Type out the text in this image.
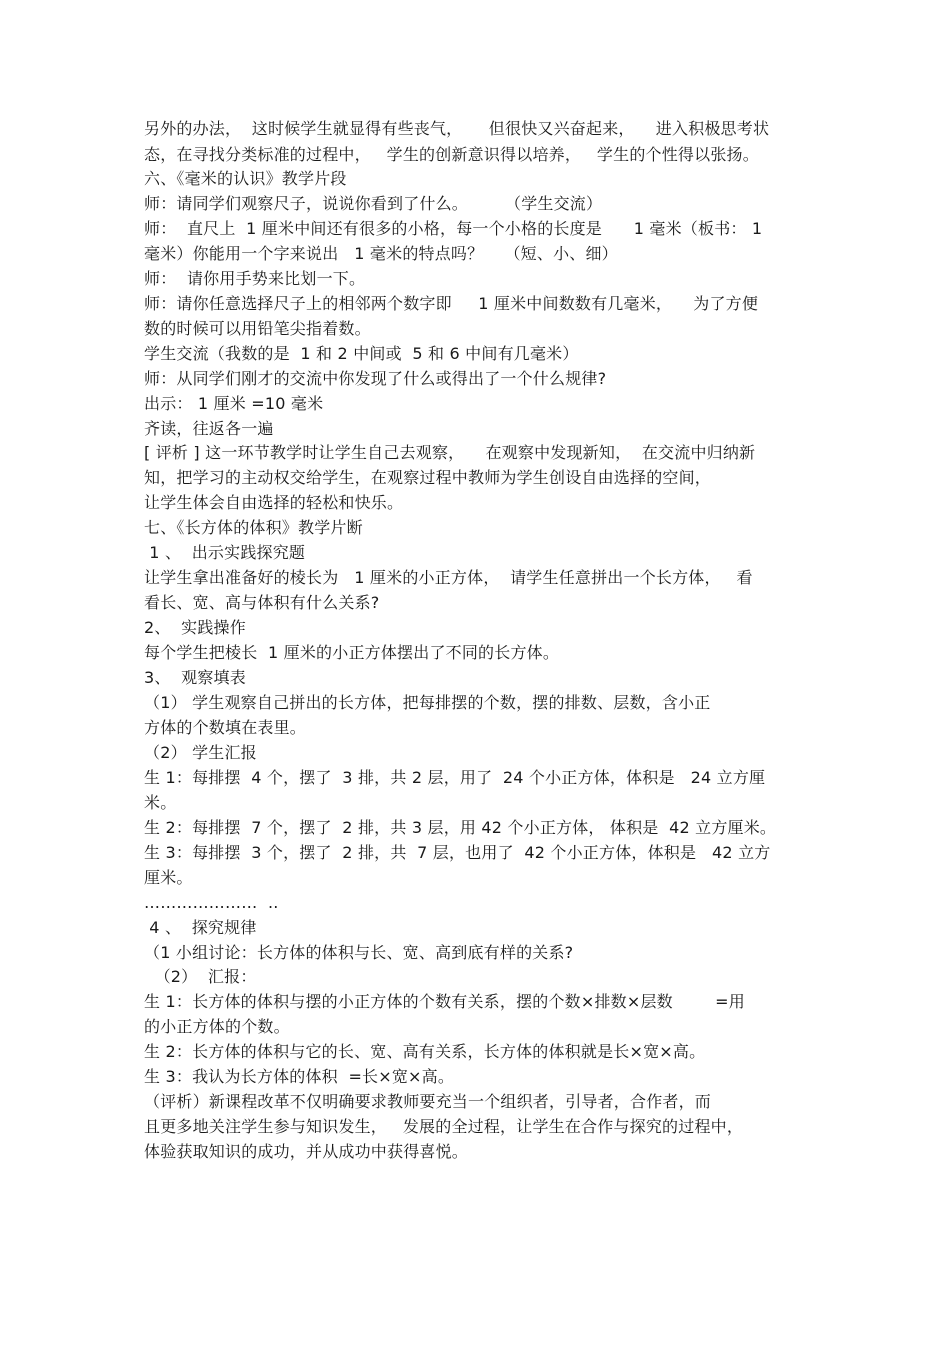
另外的办法，  这时候学生就显得有些丧气，     但很快又兴奋起来，    进入积极思考状
态，在寻找分类标准的过程中，   学生的创新意识得以培养，   学生的个性得以张扬。
六、《毫米的认识》教学片段
师：请同学们观察尺子，说说你看到了什么。       （学生交流）
师：  直尺上  1 厘米中间还有很多的小格，每一个小格的长度是      1 毫米（板书： 1
毫米）你能用一个字来说出   1 毫米的特点吗？    （短、小、细）
师：  请你用手势来比划一下。
师：请你任意选择尺子上的相邻两个数字即     1 厘米中间数数有几毫米，    为了方便
数的时候可以用铅笔尖指着数。
学生交流（我数的是  1 和 2 中间或  5 和 6 中间有几毫米）
师：从同学们刚才的交流中你发现了什么或得出了一个什么规律?
出示： 1 厘米 =10 毫米
齐读，往返各一遍
[ 评析 ] 这一环节教学时让学生自己去观察，    在观察中发现新知，  在交流中归纳新
知，把学习的主动权交给学生，在观察过程中教师为学生创设自由选择的空间，
让学生体会自由选择的轻松和快乐。
七、《长方体的体积》教学片断
1 、  出示实践探究题
让学生拿出准备好的棱长为   1 厘米的小正方体，  请学生任意拼出一个长方体，   看
看长、宽、高与体积有什么关系?
2、  实践操作
每个学生把棱长  1 厘米的小正方体摆出了不同的长方体。
3、  观察填表
（1） 学生观察自己拼出的长方体，把每排摆的个数，摆的排数、层数，含小正
方体的个数填在表里。
（2） 学生汇报
生 1：每排摆  4 个，摆了  3 排，共 2 层，用了  24 个小正方体，体积是   24 立方厘
米。
生 2：每排摆  7 个，摆了  2 排，共 3 层，用 42 个小正方体， 体积是  42 立方厘米。
生 3：每排摆  3 个，摆了  2 排，共  7 层，也用了  42 个小正方体，体积是   42 立方
厘米。
…………………  ..
4 、  探究规律
（1 小组讨论：长方体的体积与长、宽、高到底有样的关系?
（2）  汇报：
生 1：长方体的体积与摆的小正方体的个数有关系，摆的个数×排数×层数        =用
的小正方体的个数。
生 2：长方体的体积与它的长、宽、高有关系，长方体的体积就是长×宽×高。
生 3：我认为长方体的体积  =长×宽×高。
（评析）新课程改革不仅明确要求教师要充当一个组织者，引导者，合作者，而
且更多地关注学生参与知识发生，   发展的全过程，让学生在合作与探究的过程中，
体验获取知识的成功，并从成功中获得喜悦。
